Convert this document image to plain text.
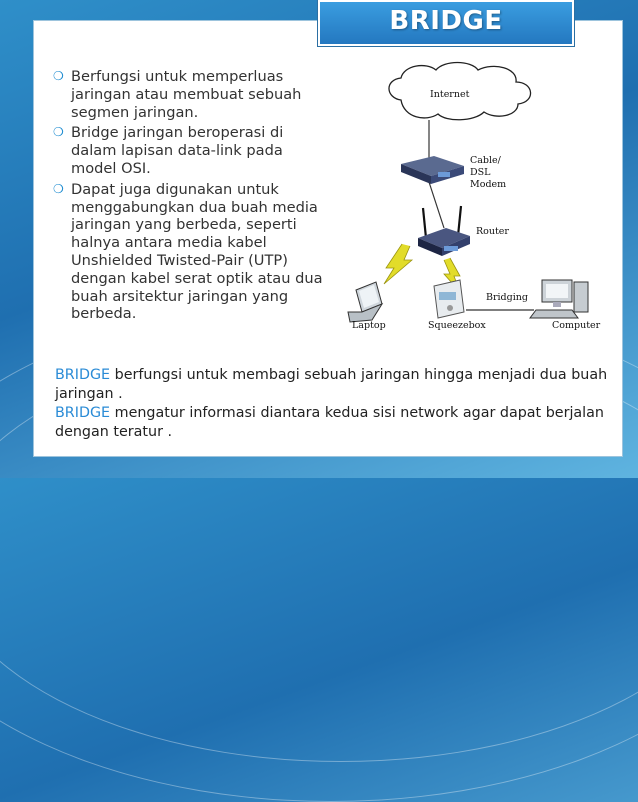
BRIDGE
❍ Berfungsi untuk memperluas jaringan atau membuat sebuah segmen jaringan.
❍ Bridge jaringan beroperasi di dalam lapisan data-link pada model OSI.
❍ Dapat juga digunakan untuk menggabungkan dua buah media jaringan yang berbeda, seperti halnya antara media kabel Unshielded Twisted-Pair (UTP) dengan kabel serat optik atau dua buah arsitektur jaringan yang berbeda.

BRIDGE berfungsi untuk membagi sebuah jaringan hingga menjadi dua buah jaringan .

BRIDGE mengatur informasi diantara kedua sisi network agar dapat berjalan dengan teratur .

Internet
Cable/
DSL
Modem
Router
Laptop	Squeezebox
Bridging
Computer
